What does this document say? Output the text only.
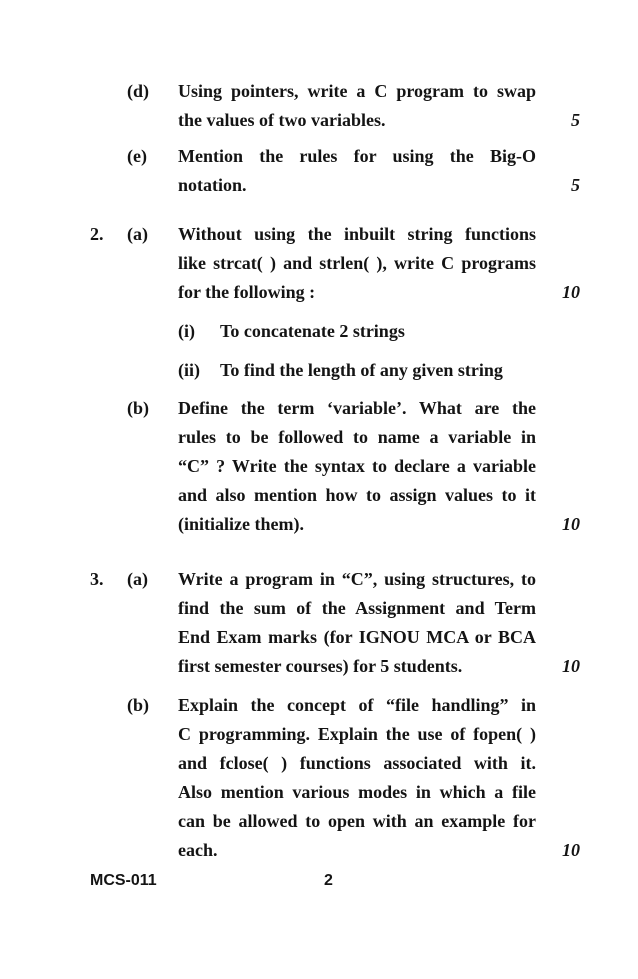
(d) Using pointers, write a C program to swap
the values of two variables.	5
(e) Mention the rules for using the Big-O
notation.	5
2. (a) Without using the inbuilt string functions
like strcat( ) and strlen( ), write C programs
for the following :	10
(i) To concatenate 2 strings
(ii) To find the length of any given string
(b) Define the term ‘variable’. What are the
rules to be followed to name a variable in
“C” ? Write the syntax to declare a variable
and also mention how to assign values to it
(initialize them).	10
3. (a) Write a program in “C”, using structures, to
find the sum of the Assignment and Term
End Exam marks (for IGNOU MCA or BCA
first semester courses) for 5 students.	10
(b) Explain the concept of “file handling” in
C programming. Explain the use of fopen( )
and fclose( ) functions associated with it.
Also mention various modes in which a file
can be allowed to open with an example for
each.	10
MCS-011	2
